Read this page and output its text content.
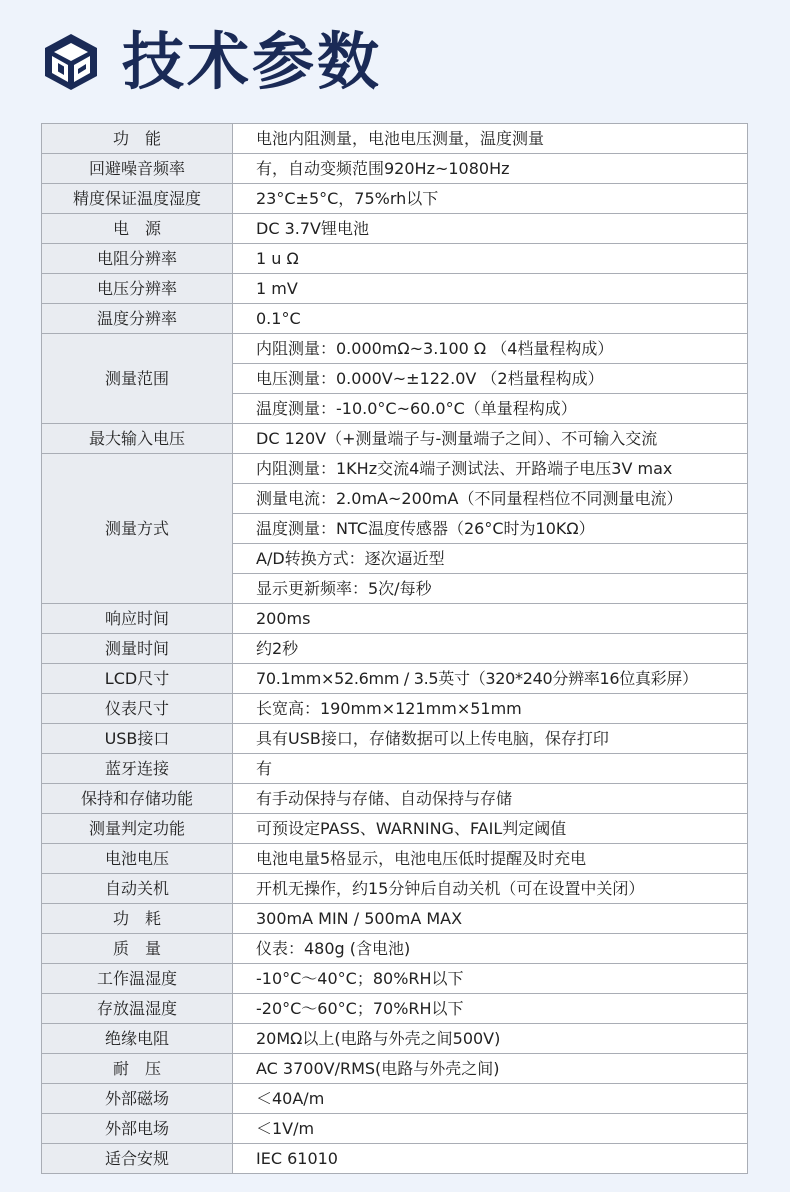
技术参数
功　能	电池内阻测量，电池电压测量，温度测量
回避噪音频率	有，自动变频范围920Hz~1080Hz
精度保证温度湿度	23°C±5°C，75%rh以下
电　源	DC 3.7V锂电池
电阻分辨率	1 u Ω
电压分辨率	1 mV
温度分辨率	0.1°C
测量范围	内阻测量：0.000mΩ~3.100 Ω （4档量程构成）
	电压测量：0.000V~±122.0V （2档量程构成）
	温度测量：-10.0°C~60.0°C（单量程构成）
最大输入电压	DC 120V（+测量端子与-测量端子之间）、不可输入交流
测量方式	内阻测量：1KHz交流4端子测试法、开路端子电压3V max
	测量电流：2.0mA~200mA（不同量程档位不同测量电流）
	温度测量：NTC温度传感器（26°C时为10KΩ）
	A/D转换方式：逐次逼近型
	显示更新频率：5次/每秒
响应时间	200ms
测量时间	约2秒
LCD尺寸	70.1mm×52.6mm / 3.5英寸（320*240分辨率16位真彩屏）
仪表尺寸	长宽高：190mm×121mm×51mm
USB接口	具有USB接口，存储数据可以上传电脑，保存打印
蓝牙连接	有
保持和存储功能	有手动保持与存储、自动保持与存储
测量判定功能	可预设定PASS、WARNING、FAIL判定阈值
电池电压	电池电量5格显示，电池电压低时提醒及时充电
自动关机	开机无操作，约15分钟后自动关机（可在设置中关闭）
功　耗	300mA MIN / 500mA MAX
质　量	仪表：480g (含电池)
工作温湿度	-10°C～40°C；80%RH以下
存放温湿度	-20°C～60°C；70%RH以下
绝缘电阻	20MΩ以上(电路与外壳之间500V)
耐　压	AC 3700V/RMS(电路与外壳之间)
外部磁场	＜40A/m
外部电场	＜1V/m
适合安规	IEC 61010
